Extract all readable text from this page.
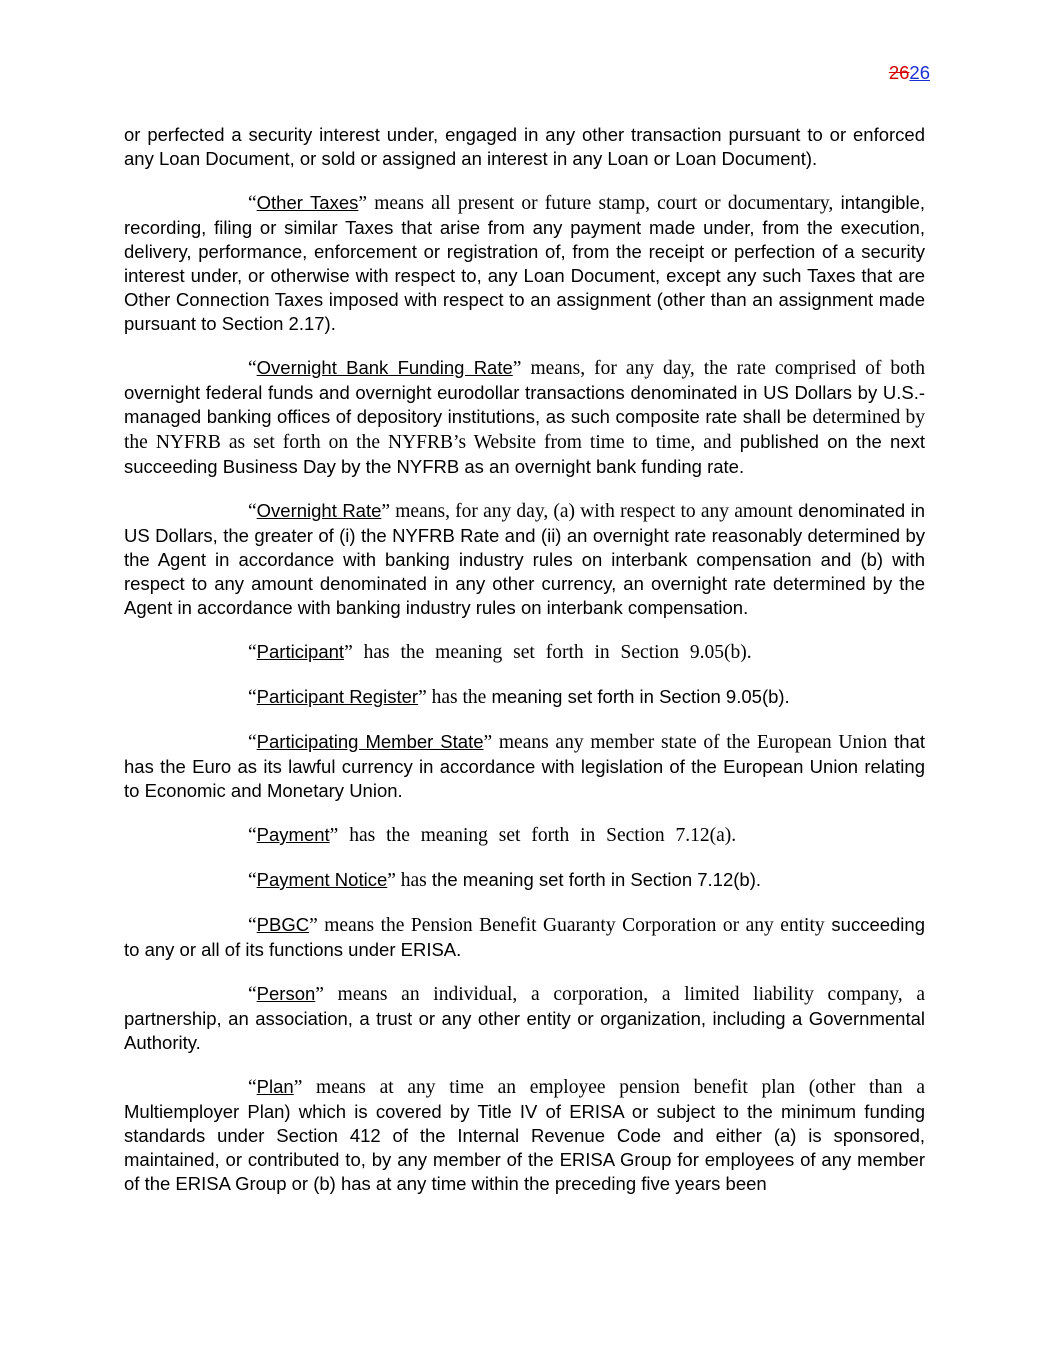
2626

or perfected a security interest under, engaged in any other transaction pursuant to or enforced any Loan Document, or sold or assigned an interest in any Loan or Loan Document).

“Other Taxes” means all present or future stamp, court or documentary, intangible, recording, filing or similar Taxes that arise from any payment made under, from the execution, delivery, performance, enforcement or registration of, from the receipt or perfection of a security interest under, or otherwise with respect to, any Loan Document, except any such Taxes that are Other Connection Taxes imposed with respect to an assignment (other than an assignment made pursuant to Section 2.17).

“Overnight Bank Funding Rate” means, for any day, the rate comprised of both overnight federal funds and overnight eurodollar transactions denominated in US Dollars by U.S.-managed banking offices of depository institutions, as such composite rate shall be determined by the NYFRB as set forth on the NYFRB’s Website from time to time, and published on the next succeeding Business Day by the NYFRB as an overnight bank funding rate.

“Overnight Rate” means, for any day, (a) with respect to any amount denominated in US Dollars, the greater of (i) the NYFRB Rate and (ii) an overnight rate reasonably determined by the Agent in accordance with banking industry rules on interbank compensation and (b) with respect to any amount denominated in any other currency, an overnight rate determined by the Agent in accordance with banking industry rules on interbank compensation.

“Participant” has the meaning set forth in Section 9.05(b).

“Participant Register” has the meaning set forth in Section 9.05(b).

“Participating Member State” means any member state of the European Union that has the Euro as its lawful currency in accordance with legislation of the European Union relating to Economic and Monetary Union.

“Payment” has the meaning set forth in Section 7.12(a).

“Payment Notice” has the meaning set forth in Section 7.12(b).

“PBGC” means the Pension Benefit Guaranty Corporation or any entity succeeding to any or all of its functions under ERISA.

“Person” means an individual, a corporation, a limited liability company, a partnership, an association, a trust or any other entity or organization, including a Governmental Authority.

“Plan” means at any time an employee pension benefit plan (other than a Multiemployer Plan) which is covered by Title IV of ERISA or subject to the minimum funding standards under Section 412 of the Internal Revenue Code and either (a) is sponsored, maintained, or contributed to, by any member of the ERISA Group for employees of any member of the ERISA Group or (b) has at any time within the preceding five years been
